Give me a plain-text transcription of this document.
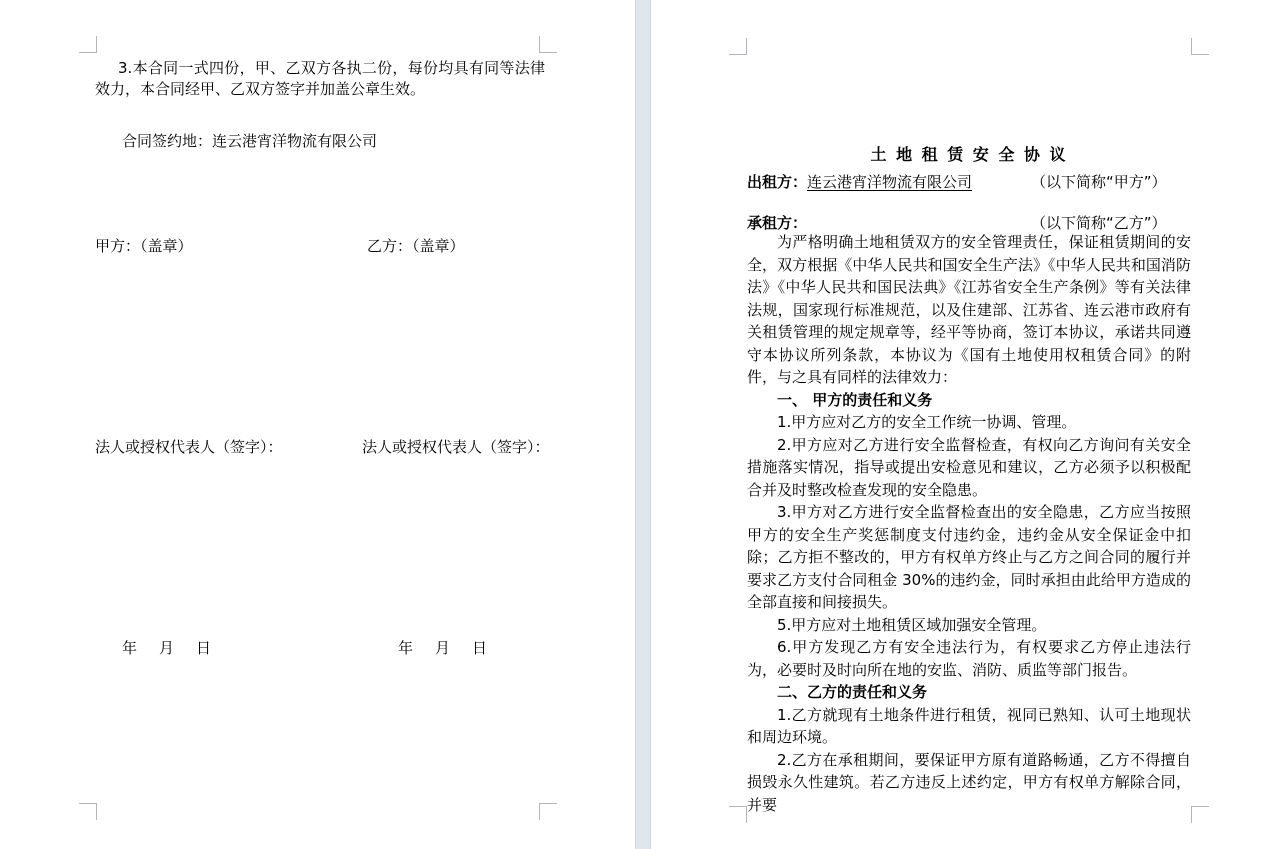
3.本合同一式四份，甲、乙双方各执二份，每份均具有同等法律效力，本合同经甲、乙双方签字并加盖公章生效。
合同签约地：连云港宵洋物流有限公司
甲方：（盖章）	乙方：（盖章）
法人或授权代表人（签字）：	法人或授权代表人（签字）：
年 月 日	年 月 日
土 地 租 赁 安 全 协 议
出租方：连云港宵洋物流有限公司	（以下简称“甲方”）
承租方：	（以下简称“乙方”）

为严格明确土地租赁双方的安全管理责任，保证租赁期间的安全，双方根据《中华人民共和国安全生产法》《中华人民共和国消防法》《中华人民共和国民法典》《江苏省安全生产条例》等有关法律法规，国家现行标准规范，以及住建部、江苏省、连云港市政府有关租赁管理的规定规章等，经平等协商，签订本协议，承诺共同遵守本协议所列条款，本协议为《国有土地使用权租赁合同》的附件，与之具有同样的法律效力：

一、 甲方的责任和义务

1.甲方应对乙方的安全工作统一协调、管理。

2.甲方应对乙方进行安全监督检查，有权向乙方询问有关安全措施落实情况，指导或提出安检意见和建议，乙方必须予以积极配合并及时整改检查发现的安全隐患。

3.甲方对乙方进行安全监督检查出的安全隐患，乙方应当按照甲方的安全生产奖惩制度支付违约金，违约金从安全保证金中扣除；乙方拒不整改的，甲方有权单方终止与乙方之间合同的履行并要求乙方支付合同租金 30%的违约金，同时承担由此给甲方造成的全部直接和间接损失。

5.甲方应对土地租赁区域加强安全管理。

6.甲方发现乙方有安全违法行为，有权要求乙方停止违法行为，必要时及时向所在地的安监、消防、质监等部门报告。

二、乙方的责任和义务

1.乙方就现有土地条件进行租赁，视同已熟知、认可土地现状和周边环境。

2.乙方在承租期间，要保证甲方原有道路畅通，乙方不得擅自损毁永久性建筑。若乙方违反上述约定，甲方有权单方解除合同，并要
